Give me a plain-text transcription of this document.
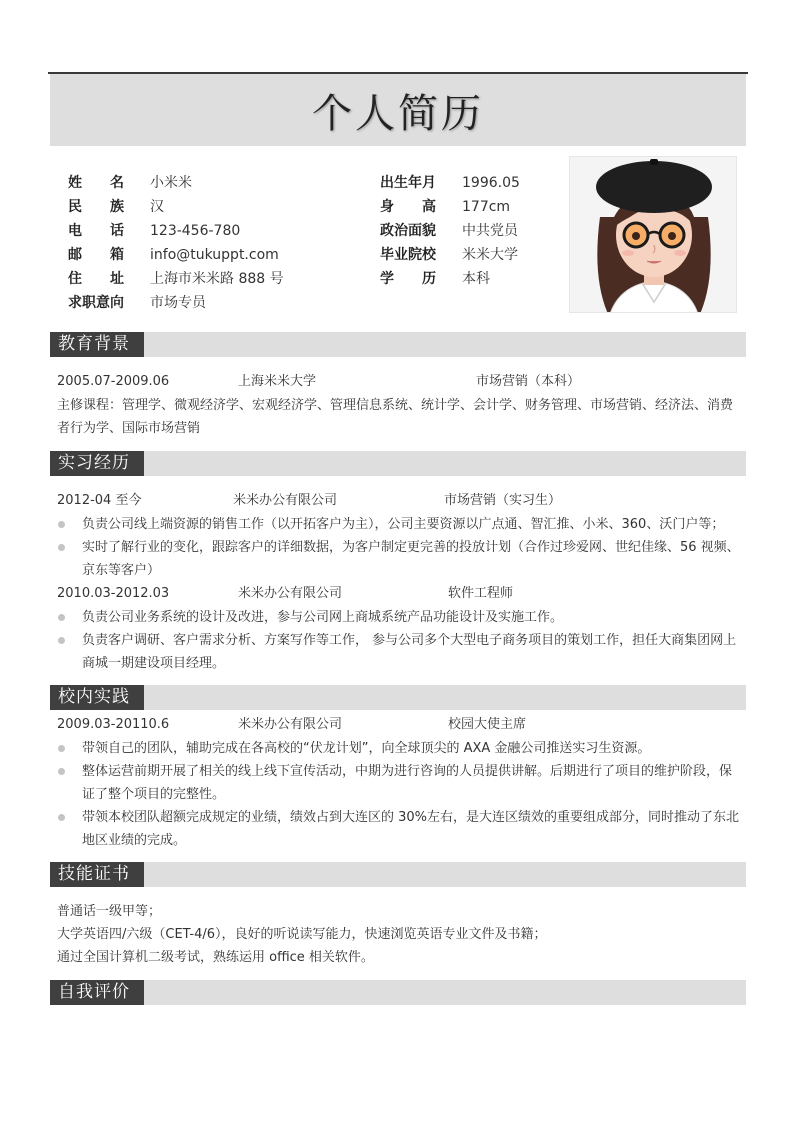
个人简历
姓名 小米米
民族 汉
电话 123-456-780
邮箱 info@tukuppt.com
住址 上海市米米路 888 号
求职意向 市场专员
出生年月 1996.05
身高 177cm
政治面貌 中共党员
毕业院校 米米大学
学历 本科
教育背景
2005.07-2009.06	上海米米大学	市场营销（本科）
主修课程：管理学、微观经济学、宏观经济学、管理信息系统、统计学、会计学、财务管理、市场营销、经济法、消费者行为学、国际市场营销
实习经历
2012-04 至今	米米办公有限公司	市场营销（实习生）
负责公司线上端资源的销售工作（以开拓客户为主），公司主要资源以广点通、智汇推、小米、360、沃门户等；
实时了解行业的变化，跟踪客户的详细数据，为客户制定更完善的投放计划（合作过珍爱网、世纪佳缘、56 视频、京东等客户）
2010.03-2012.03	米米办公有限公司	软件工程师
负责公司业务系统的设计及改进，参与公司网上商城系统产品功能设计及实施工作。
负责客户调研、客户需求分析、方案写作等工作， 参与公司多个大型电子商务项目的策划工作，担任大商集团网上商城一期建设项目经理。
校内实践
2009.03-20110.6	米米办公有限公司	校园大使主席
带领自己的团队，辅助完成在各高校的“伏龙计划”，向全球顶尖的 AXA 金融公司推送实习生资源。
整体运营前期开展了相关的线上线下宣传活动，中期为进行咨询的人员提供讲解。后期进行了项目的维护阶段，保证了整个项目的完整性。
带领本校团队超额完成规定的业绩，绩效占到大连区的 30%左右，是大连区绩效的重要组成部分，同时推动了东北地区业绩的完成。
技能证书
普通话一级甲等；
大学英语四/六级（CET-4/6），良好的听说读写能力，快速浏览英语专业文件及书籍；
通过全国计算机二级考试，熟练运用 office 相关软件。
自我评价
